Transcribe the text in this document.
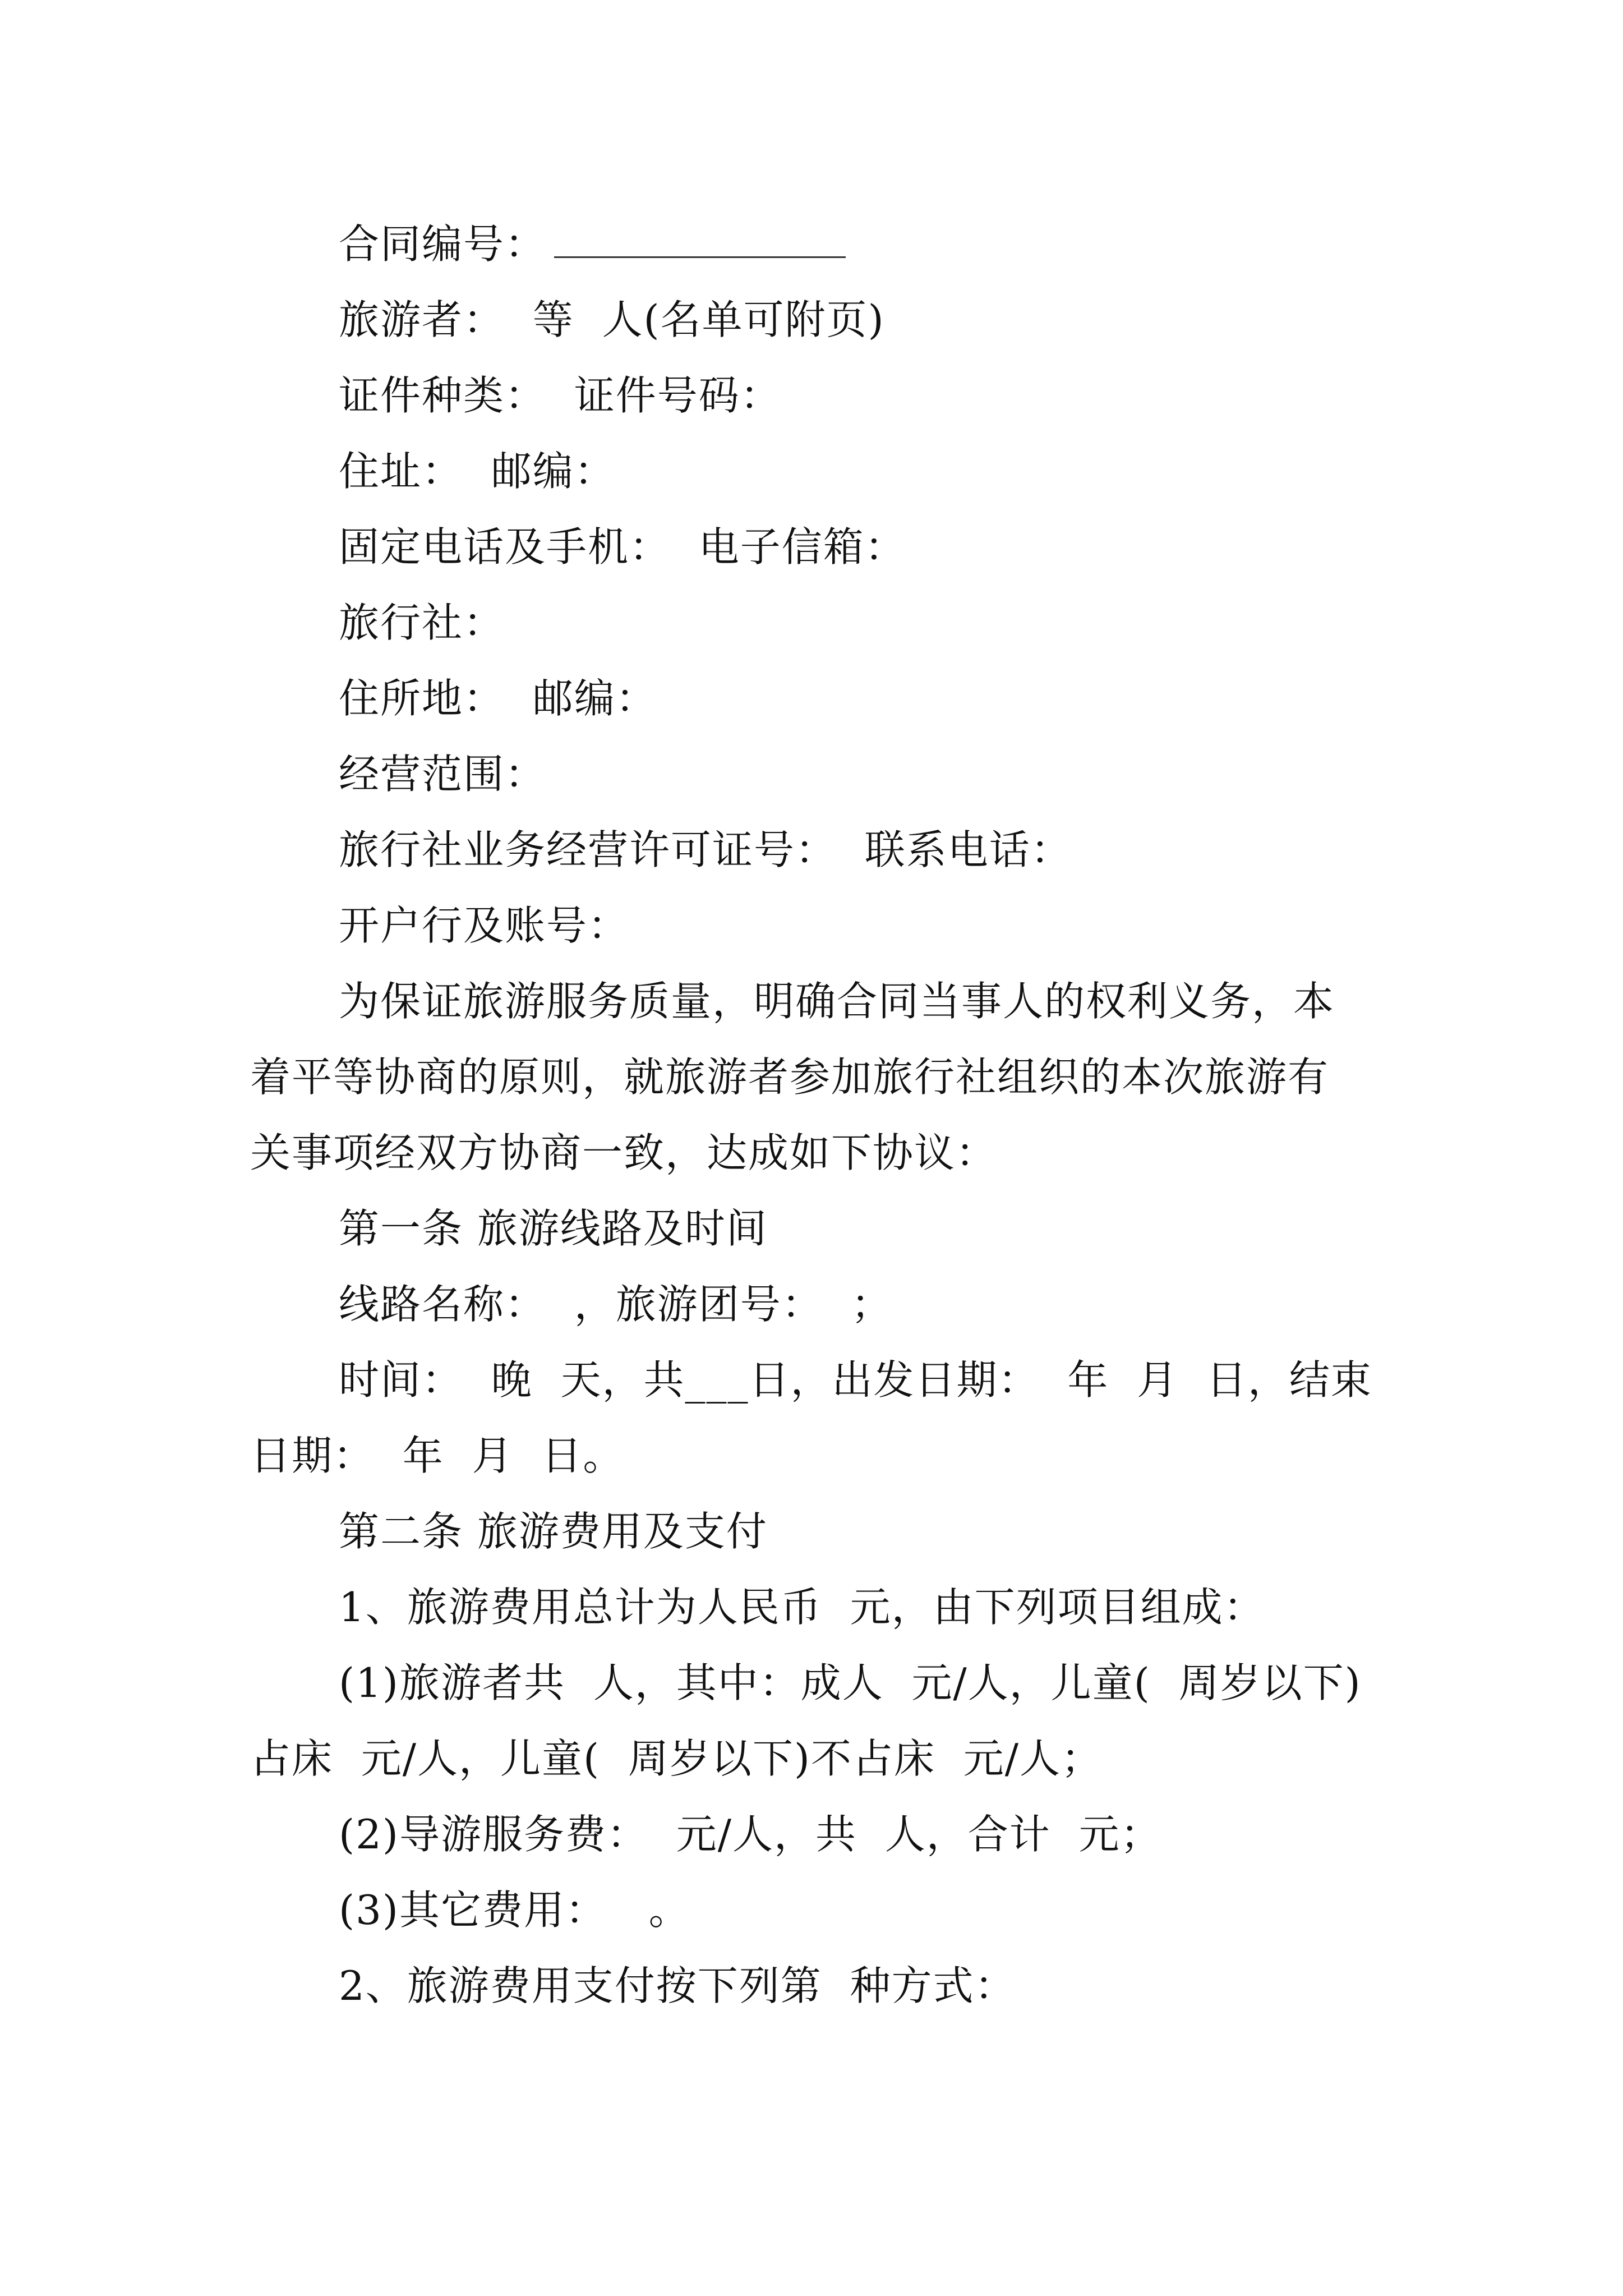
合同编号：
旅游者：  等  人(名单可附页)
证件种类：  证件号码：
住址：  邮编：
固定电话及手机：  电子信箱：
旅行社：
住所地：  邮编：
经营范围：
旅行社业务经营许可证号：  联系电话：
开户行及账号：
为保证旅游服务质量，明确合同当事人的权利义务，本
着平等协商的原则，就旅游者参加旅行社组织的本次旅游有
关事项经双方协商一致，达成如下协议：
第一条 旅游线路及时间
线路名称：  ，旅游团号：  ；
时间：  晚  天，共___日，出发日期：  年  月  日，结束
日期：  年  月  日。
第二条 旅游费用及支付
1、旅游费用总计为人民币  元，由下列项目组成：
(1)旅游者共  人，其中：成人  元/人，儿童(  周岁以下)
占床  元/人，儿童(  周岁以下)不占床  元/人；
(2)导游服务费：  元/人，共  人，合计  元；
(3)其它费用：   。
2、旅游费用支付按下列第  种方式：
